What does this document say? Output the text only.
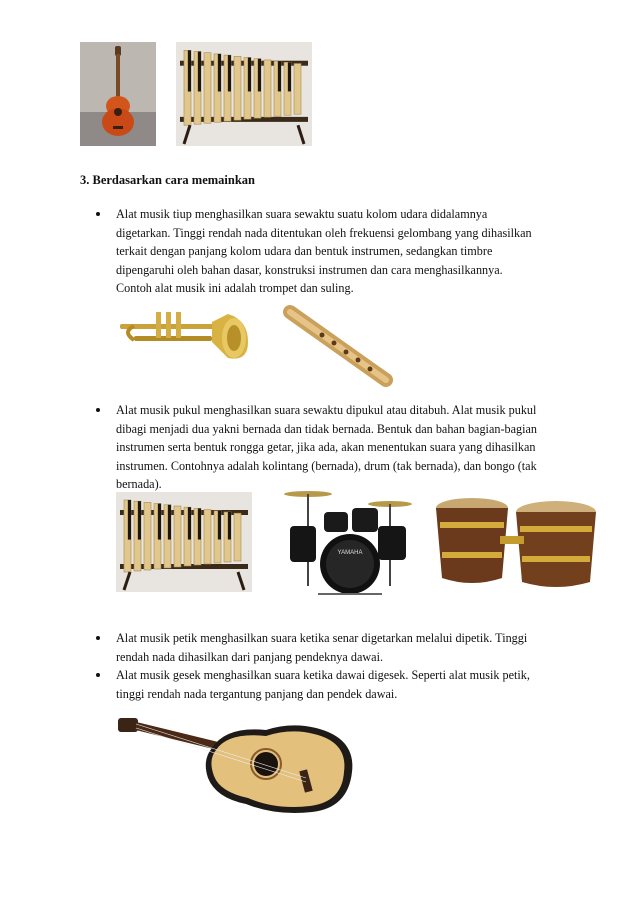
3. Berdasarkan cara memainkan
Alat musik tiup menghasilkan suara sewaktu suatu kolom udara didalamnya
digetarkan. Tinggi rendah nada ditentukan oleh frekuensi gelombang yang dihasilkan
terkait dengan panjang kolom udara dan bentuk instrumen, sedangkan timbre
dipengaruhi oleh bahan dasar, konstruksi instrumen dan cara menghasilkannya.
Contoh alat musik ini adalah trompet dan suling.
Alat musik pukul menghasilkan suara sewaktu dipukul atau ditabuh. Alat musik pukul
dibagi menjadi dua yakni bernada dan tidak bernada. Bentuk dan bahan bagian-bagian
instrumen serta bentuk rongga getar, jika ada, akan menentukan suara yang dihasilkan
instrumen. Contohnya adalah kolintang (bernada), drum (tak bernada), dan bongo (tak
bernada).
YAMAHA
Alat musik petik menghasilkan suara ketika senar digetarkan melalui dipetik. Tinggi
rendah nada dihasilkan dari panjang pendeknya dawai.
Alat musik gesek menghasilkan suara ketika dawai digesek. Seperti alat musik petik,
tinggi rendah nada tergantung panjang dan pendek dawai.
